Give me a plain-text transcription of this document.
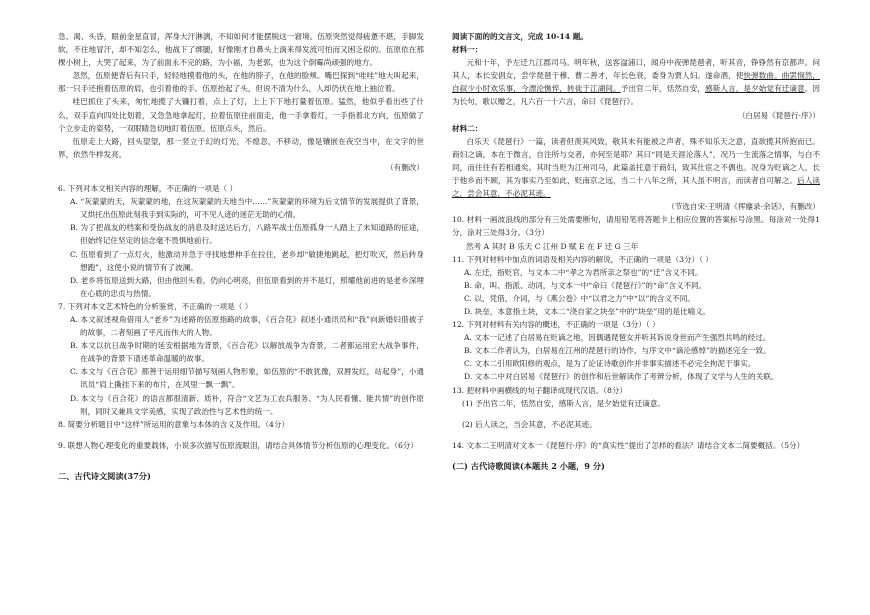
急、渴、头昏，眼前金星直冒，浑身大汗淋漓，不知如何才能摆脱这一窘境。伍原突然觉得疲惫不堪，手脚发软，不住地冒汗，却不知怎么，他战下了绑腿，好像刚才自鼻头上淌来得发流可怕而又困乏似的。伍原依在那棵小树上，大哭了起来，为了前面永不完的路，为小福，为老郭，也为这个倒霉尚顽强的地方。

忽然，伍原便背后有只手，轻轻地摸着他的头，在他的脖子，在他的脸颊。嘴巴探到“哇哇”地大叫起来，那一只手还抱着伍原的肩，也引着他的手。伍原抬起了头，但说不清为什么，人却仍伏在地上抽泣着。

哇巴抓住了头来，匆忙地揽了大镰打着，点上了灯，上上下下地打量着伍原。猛然，他似乎看出些了什么，双手直向四处比划着，又急急地拿起灯，拉着伍原往前面走，他一手拿着灯，一手指着北方向，伍原做了个立步走的姿势，一双眼睛急切地盯着伍原。伍原点头，然后。

伍原走上大路，回头望望，那一竖立于幻的灯光，不熄忽，不移动，像是镶嵌在夜空当中，在文字的世界，依然牛样发亮。

（有删改）

6. 下列对本文相关内容的理解，不正确的一项是（ ）

A. “灰蒙蒙的天，灰蒙蒙的地，在这灰蒙蒙的天地当中……”灰蒙蒙的环境为后文情节的发展提供了背景，又烘托出伍原此刻我手到实际的，可不见人迹的迷茫无助的心情。

B. 为了把战友的档案和受伤战友的消息及时送达后方，八路军战士伍原孤身一人踏上了未知道路的征途，但始终记住坚定的信念毫不畏惧地前行。

C. 伍原看到了一点灯火，他激动并急于寻找地想伸手在拉住，老乡却“敏捷地跳起，把灯吹灭，然后转身想跑”，这使小说的情节有了波澜。

D. 老乡将伍原送到大路，但由他回头看，仍向心明亮，但伍原看到的并不是灯，照耀他前进的是老乡深埋在心底的忠贞与热情。

7. 下列对本文艺术特色的分析鉴赏，不正确的一项是（ ）

A. 本文叙述视角借用人“老乡”为述路的伍原指路的故事，《百合花》叙述小通讯员和“我”向新婚妇借被子的故事，二者刻画了平凡而伟大的人物。

B. 本文以抗日战争时期的延安根据地为背景，《百合花》以解放战争为背景，二者都运用宏大战争事件，在战争的背景下谱述革命温暖的故事。

C. 本文与《百合花》都善于运用细节描写刻画人物形象，如伍原的“不敢犹豫，双唇发红，站起身”，小通讯员“肩上撕挂下来的布片，在风里一飘一飘”。

D. 本文与《百合花》的语言都很清新、质朴，符合“文艺为工农兵服务、“为人民看懂、能共情”的创作原则，同时又兼具文学美感，实现了政治性与艺术性的统一。

8. 简要分析题目中“这样”所运用的意象与本体的含义及作用。（4分）

9. 联想人物心理变化的重要载体，小说多次描写伍原流眼泪，请结合具体情节分析伍原的心理变化。（6分）

二、古代诗文阅读(37分)

阅读下面的的文言文，完成 10-14 题。

材料一：

元和十年，予左迁九江郡司马。明年秋，送客湓浦口，闻舟中夜弹琵琶者，听其音，铮铮然有京都声。问其人，本长安倡女，尝学琵琶于穆、曹二善才，年长色衰，委身为贾人妇。遂命酒，使快弹数曲。曲罢悯然，自叙少小时欢乐事，今漂沦憔悴，转徙于江湖间。予出官二年，恬然自安，感斯人言，是夕始觉有迁谪意。因为长句，歌以赠之，凡六百一十六言，命曰《琵琶行》。

（白居易《琵琶行·序》）

材料二：

白乐天《琵琶行》一篇，读者但羡其风致，敬其未有能被之声者，殊不知乐天之意，直欲揽其所抱而已。商妇之谪，本在于微言，自注所与交者，亦何至是耶？其曰“同是天涯沦落人”，况乃一生流落之情事，与白不同，而往往有若相通矣。其时当贬为江州司马，此篇盖托意于商妇，致其仕宦之不偶也。况身为贬谪之人，长于他乡而不顾，其为事实乃至如此，贬南京之远，当二十八年之所，其人虽不明言，而读者自可解之。后人读之，尝会其意，不必泥其迹。

（节选自宋·王明清《挥麈录·余话》，有删改）

10. 材料一画波浪线的部分有三处需要断句，请用铅笔将答题卡上相应位置的答案标号涂黑。每涂对一处得1分，涂对三处得3分。（3分）

然考 A 其时 B 乐天 C 江州 D 赋 E 在 F 迁 G 三年

11. 下列对材料中加点的词语及相关内容的解说，不正确的一项是（3分）（ ）

A. 左迁，指贬官，与文本二中“孝之为君所亲之祭也”的“迁”含义不同。

B. 命，叫、指派、动词，与文本一中“命曰《琵琶行》”的“命”含义不同。

C. 以，凭借，介词，与《燕公卷》中“以君之力”中“以”的含义不同。

D. 块垒，本意指土块，文本二“浇自家之块垒”中的“块垒”用的是比喻义。

12. 下列对材料有关内容的概述，不正确的一项是（3分）（ ）

A. 文本一记述了白居易在贬谪之地，因偶遇琵琶女并听其诉说身世而产生强烈共鸣的经过。

B. 文本二作者认为，白居易在江州的琵琶行的诗作，与序文中“谪沦感悼”的描述完全一致。

C. 文本二引用欧阳修的观点，是为了论证诗歌创作并非事实描述不必完全拘泥于事实。

D. 文本二中对白居易《琵琶行》的创作和后世解读作了考辨分析，体现了文学与人生的关联。

13. 把材料中画横线的句子翻译成现代汉语。（8分）

(1) 予出官二年，恬然自安，感斯人言，是夕始觉有迁谪意。

(2) 后人读之，当会其意，不必泥其迹。

14. 文本二王明清对文本一《琵琶行·序》的“真实性”提出了怎样的看法？请结合文本二简要概括。（5分）

(二) 古代诗歌阅读(本题共 2 小题，9 分)
